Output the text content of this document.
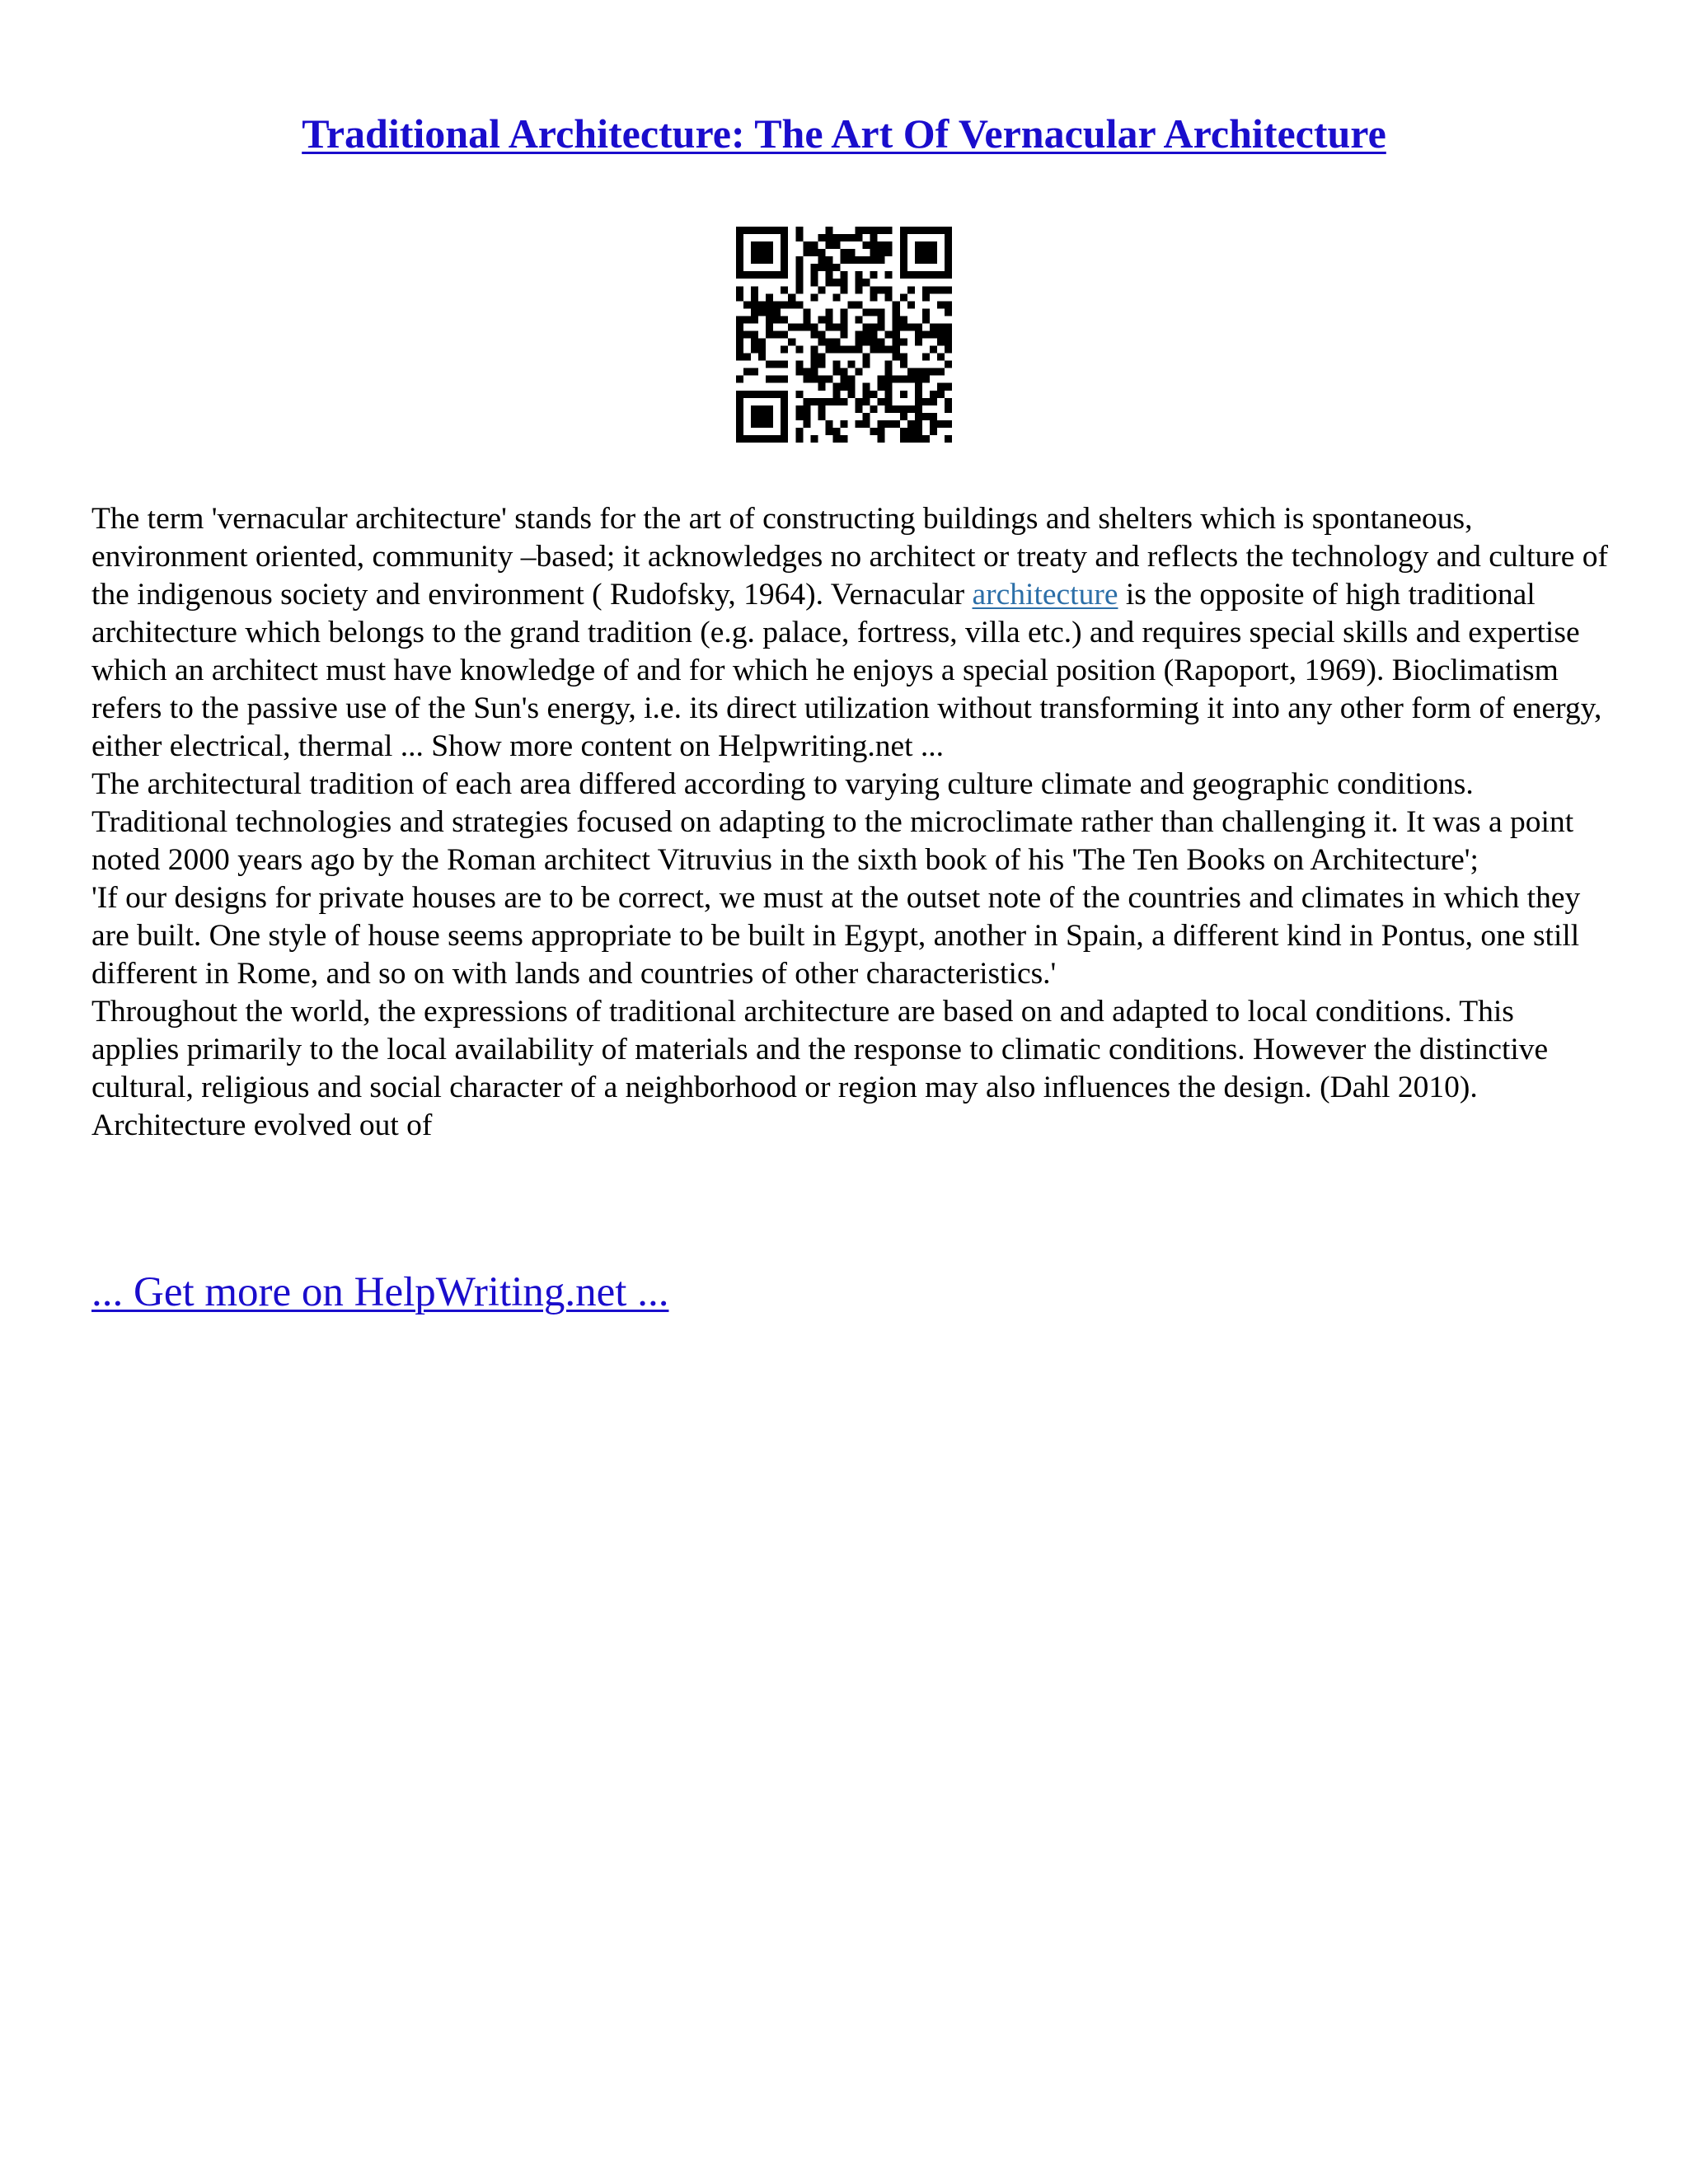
Traditional Architecture: The Art Of Vernacular Architecture

The term 'vernacular architecture' stands for the art of constructing buildings and shelters which is spontaneous, environment oriented, community –based; it acknowledges no architect or treaty and reflects the technology and culture of the indigenous society and environment ( Rudofsky, 1964). Vernacular architecture is the opposite of high traditional architecture which belongs to the grand tradition (e.g. palace, fortress, villa etc.) and requires special skills and expertise which an architect must have knowledge of and for which he enjoys a special position (Rapoport, 1969). Bioclimatism refers to the passive use of the Sun's energy, i.e. its direct utilization without transforming it into any other form of energy, either electrical, thermal ... Show more content on Helpwriting.net ...

The architectural tradition of each area differed according to varying culture climate and geographic conditions. Traditional technologies and strategies focused on adapting to the microclimate rather than challenging it. It was a point noted 2000 years ago by the Roman architect Vitruvius in the sixth book of his 'The Ten Books on Architecture';

'If our designs for private houses are to be correct, we must at the outset note of the countries and climates in which they are built. One style of house seems appropriate to be built in Egypt, another in Spain, a different kind in Pontus, one still different in Rome, and so on with lands and countries of other characteristics.'

Throughout the world, the expressions of traditional architecture are based on and adapted to local conditions. This applies primarily to the local availability of materials and the response to climatic conditions. However the distinctive cultural, religious and social character of a neighborhood or region may also influences the design. (Dahl 2010).

Architecture evolved out of

... Get more on HelpWriting.net ...
